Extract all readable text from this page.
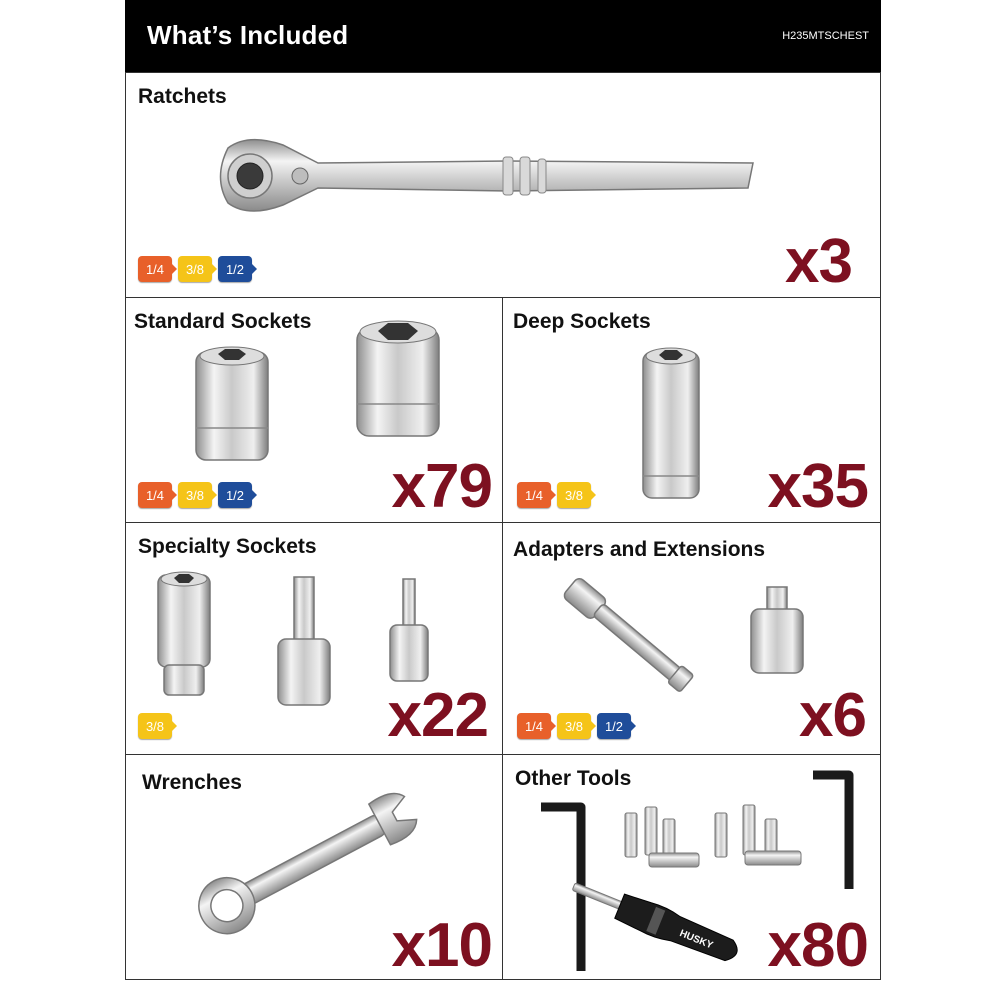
What’s Included	H235MTSCHEST
Ratchets
1/4	3/8	1/2	x3
Standard Sockets
1/4	3/8	1/2 x79
Deep Sockets
1/4	3/8	x35
Specialty Sockets
3/8	x22
Adapters and Extensions
1/4	3/8	1/2	x6
Wrenches
x10
Other Tools
HUSKY x80
